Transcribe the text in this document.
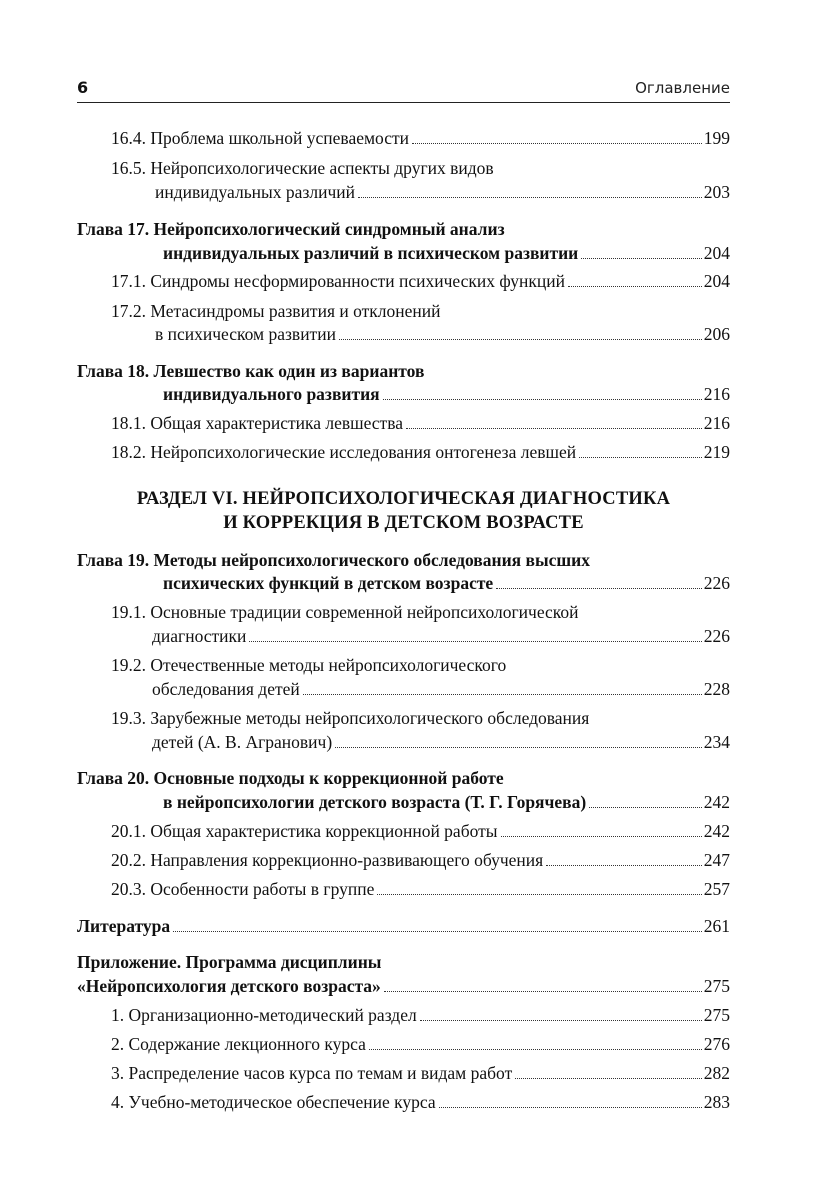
6	Оглавление
16.4. Проблема школьной успеваемости	199
16.5. Нейропсихологические аспекты других видов
индивидуальных различий	203
Глава 17. Нейропсихологический синдромный анализ
индивидуальных различий в психическом развитии	204
17.1. Синдромы несформированности психических функций	204
17.2. Метасиндромы развития и отклонений
в психическом развитии	206
Глава 18. Левшество как один из вариантов
индивидуального развития	216
18.1. Общая характеристика левшества	216
18.2. Нейропсихологические исследования онтогенеза левшей	219
РАЗДЕЛ VI. НЕЙРОПСИХОЛОГИЧЕСКАЯ ДИАГНОСТИКА
И КОРРЕКЦИЯ В ДЕТСКОМ ВОЗРАСТЕ
Глава 19. Методы нейропсихологического обследования высших
психических функций в детском возрасте	226
19.1. Основные традиции современной нейропсихологической
диагностики	226
19.2. Отечественные методы нейропсихологического
обследования детей	228
19.3. Зарубежные методы нейропсихологического обследования
детей (А. В. Агранович)	234
Глава 20. Основные подходы к коррекционной работе
в нейропсихологии детского возраста (Т. Г. Горячева)	242
20.1. Общая характеристика коррекционной работы	242
20.2. Направления коррекционно-развивающего обучения	247
20.3. Особенности работы в группе	257
Литература	261
Приложение. Программа дисциплины
«Нейропсихология детского возраста»	275
1. Организационно-методический раздел	275
2. Содержание лекционного курса	276
3. Распределение часов курса по темам и видам работ	282
4. Учебно-методическое обеспечение курса	283
